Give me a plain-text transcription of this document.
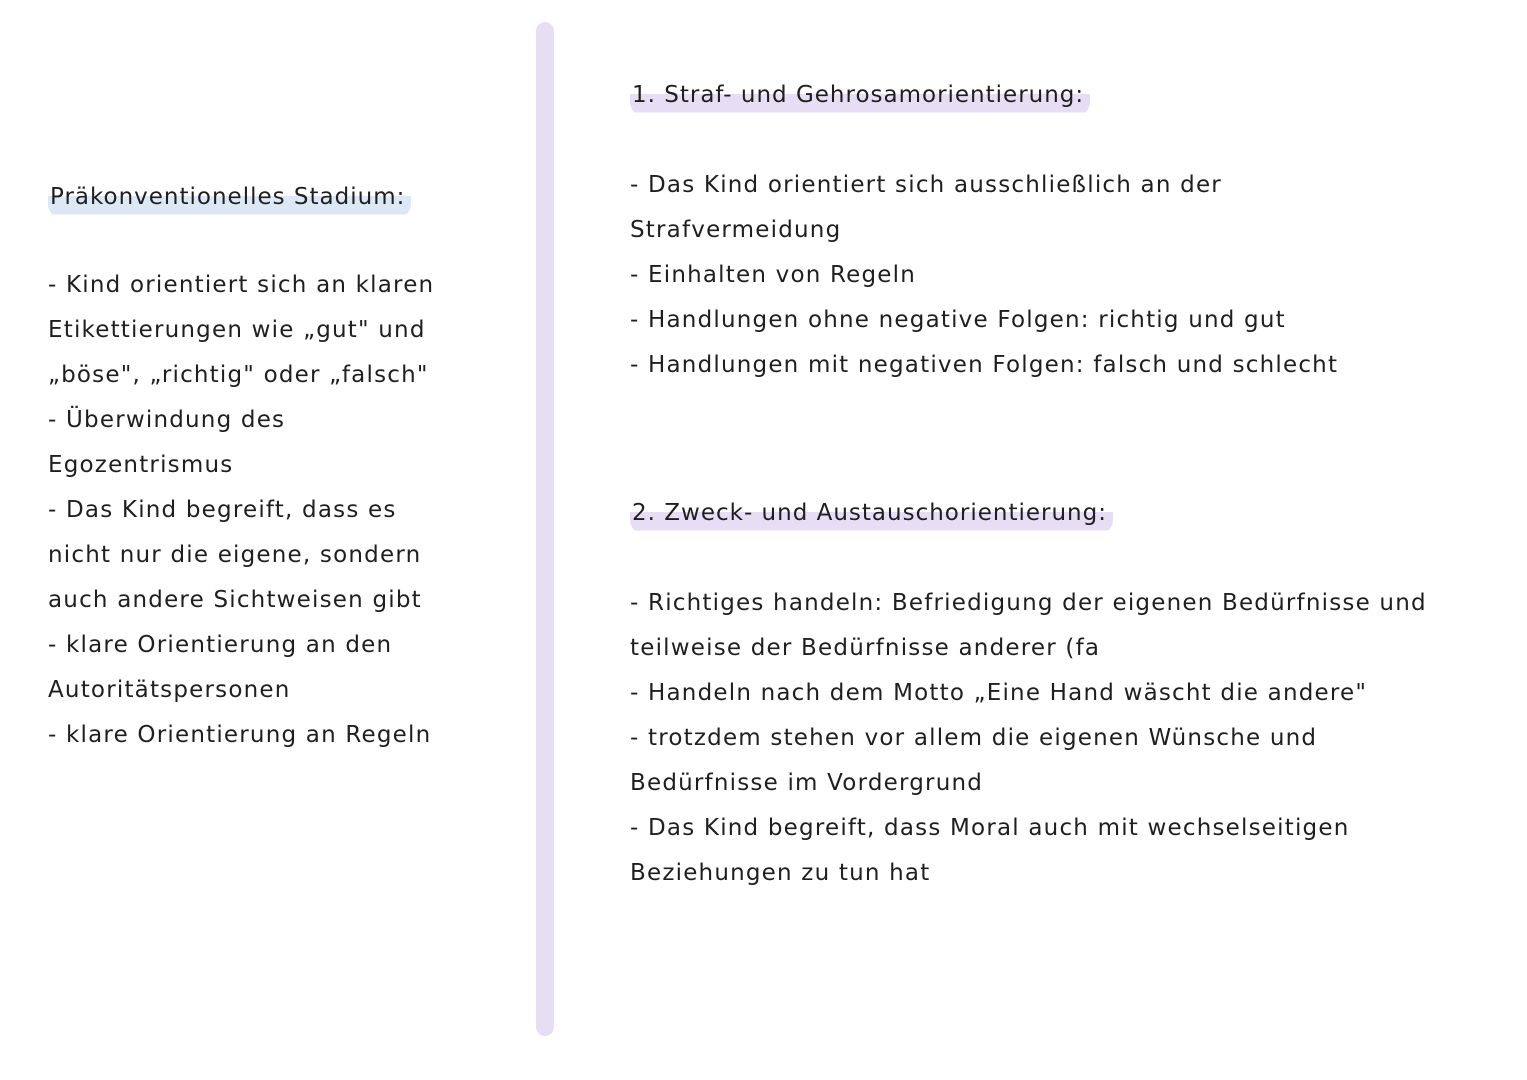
Präkonventionelles Stadium:
- Kind orientiert sich an klaren
Etikettierungen wie „gut" und
„böse", „richtig" oder „falsch"
- Überwindung des
Egozentrismus
- Das Kind begreift, dass es
nicht nur die eigene, sondern
auch andere Sichtweisen gibt
- klare Orientierung an den
Autoritätspersonen
- klare Orientierung an Regeln
1. Straf- und Gehrosamorientierung:
- Das Kind orientiert sich ausschließlich an der
Strafvermeidung
- Einhalten von Regeln
- Handlungen ohne negative Folgen: richtig und gut
- Handlungen mit negativen Folgen: falsch und schlecht
2. Zweck- und Austauschorientierung:
- Richtiges handeln: Befriedigung der eigenen Bedürfnisse und
teilweise der Bedürfnisse anderer (fa
- Handeln nach dem Motto „Eine Hand wäscht die andere"
- trotzdem stehen vor allem die eigenen Wünsche und
Bedürfnisse im Vordergrund
- Das Kind begreift, dass Moral auch mit wechselseitigen
Beziehungen zu tun hat
